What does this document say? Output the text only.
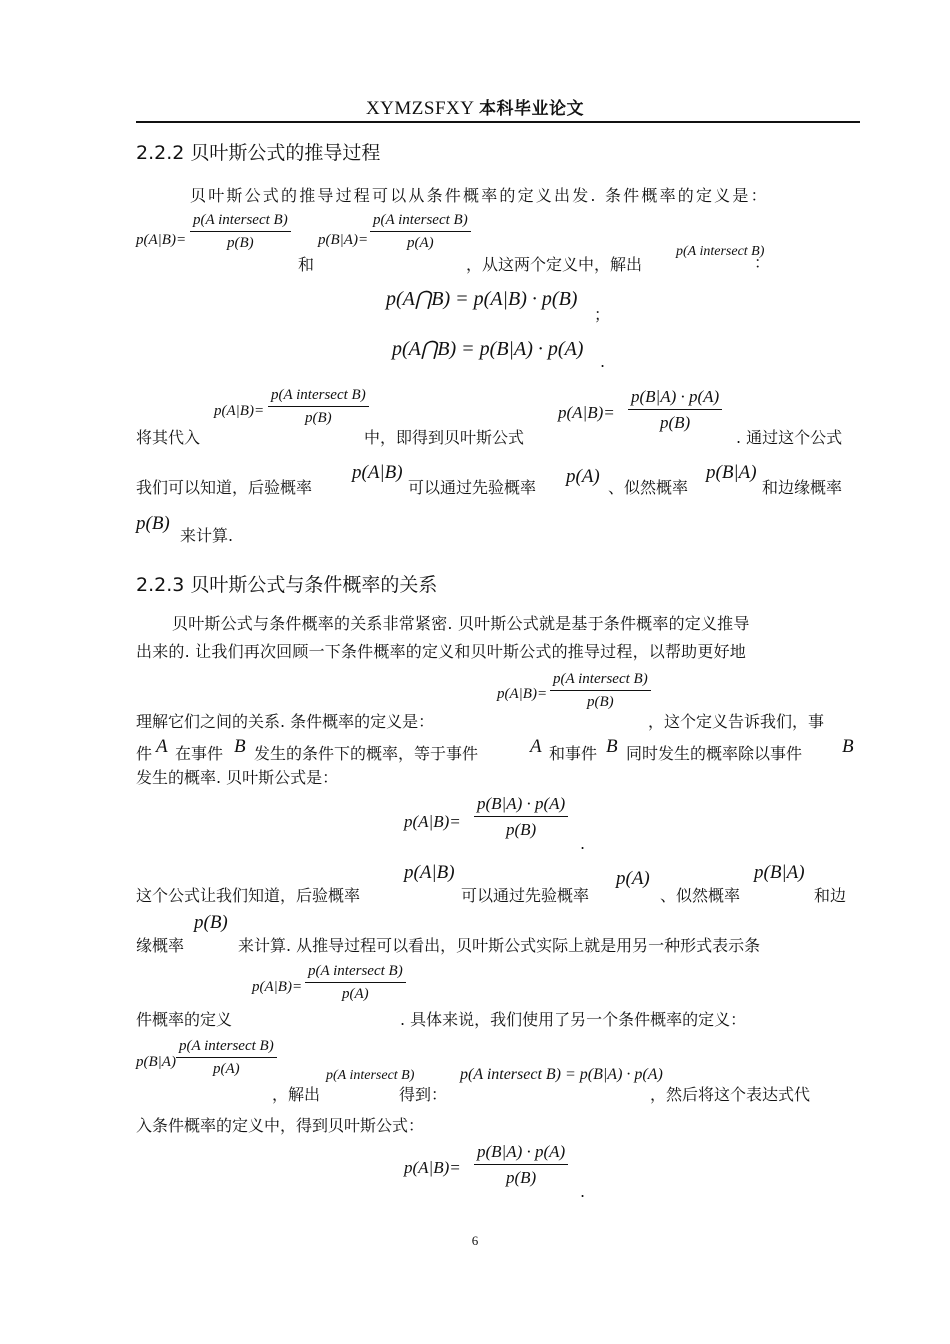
XYMZSFXY 本科毕业论文
2.2.2 贝叶斯公式的推导过程
贝叶斯公式的推导过程可以从条件概率的定义出发. 条件概率的定义是：
p(A|B)=
p(A intersect B)
p(B)
和
p(B|A)=
p(A intersect B)
p(A)
，从这两个定义中，解出
p(A intersect B)
：
p(A⋂B) = p(A|B) · p(B)
；
p(A⋂B) = p(B|A) · p(A)
.
将其代入
p(A|B)=
p(A intersect B)
p(B)
中，即得到贝叶斯公式
p(A|B)=
p(B|A) · p(A)
p(B)
. 通过这个公式
我们可以知道，后验概率
p(A|B)
可以通过先验概率
p(A)
、似然概率
p(B|A)
和边缘概率
p(B)
来计算.
2.2.3 贝叶斯公式与条件概率的关系
贝叶斯公式与条件概率的关系非常紧密. 贝叶斯公式就是基于条件概率的定义推导
出来的. 让我们再次回顾一下条件概率的定义和贝叶斯公式的推导过程，以帮助更好地
理解它们之间的关系. 条件概率的定义是：
p(A|B)=
p(A intersect B)
p(B)
，这个定义告诉我们，事
件 A 在事件 B 发生的条件下的概率，等于事件	A 和事件 B 同时发生的概率除以事件 B
发生的概率. 贝叶斯公式是：
p(A|B)=
p(B|A) · p(A)
p(B)
.
这个公式让我们知道，后验概率
p(A|B)
可以通过先验概率
p(A)
、似然概率
p(B|A)
和边
缘概率
p(B)
来计算. 从推导过程可以看出，贝叶斯公式实际上就是用另一种形式表示条
件概率的定义
p(A|B)=
p(A intersect B)
p(A)
. 具体来说，我们使用了另一个条件概率的定义：
p(B|A)
p(A intersect B)
p(A)
，解出
p(A intersect B)
得到：
p(A intersect B) = p(B|A) · p(A)
，然后将这个表达式代
入条件概率的定义中，得到贝叶斯公式：
p(A|B)=
p(B|A) · p(A)
p(B)
.
6
